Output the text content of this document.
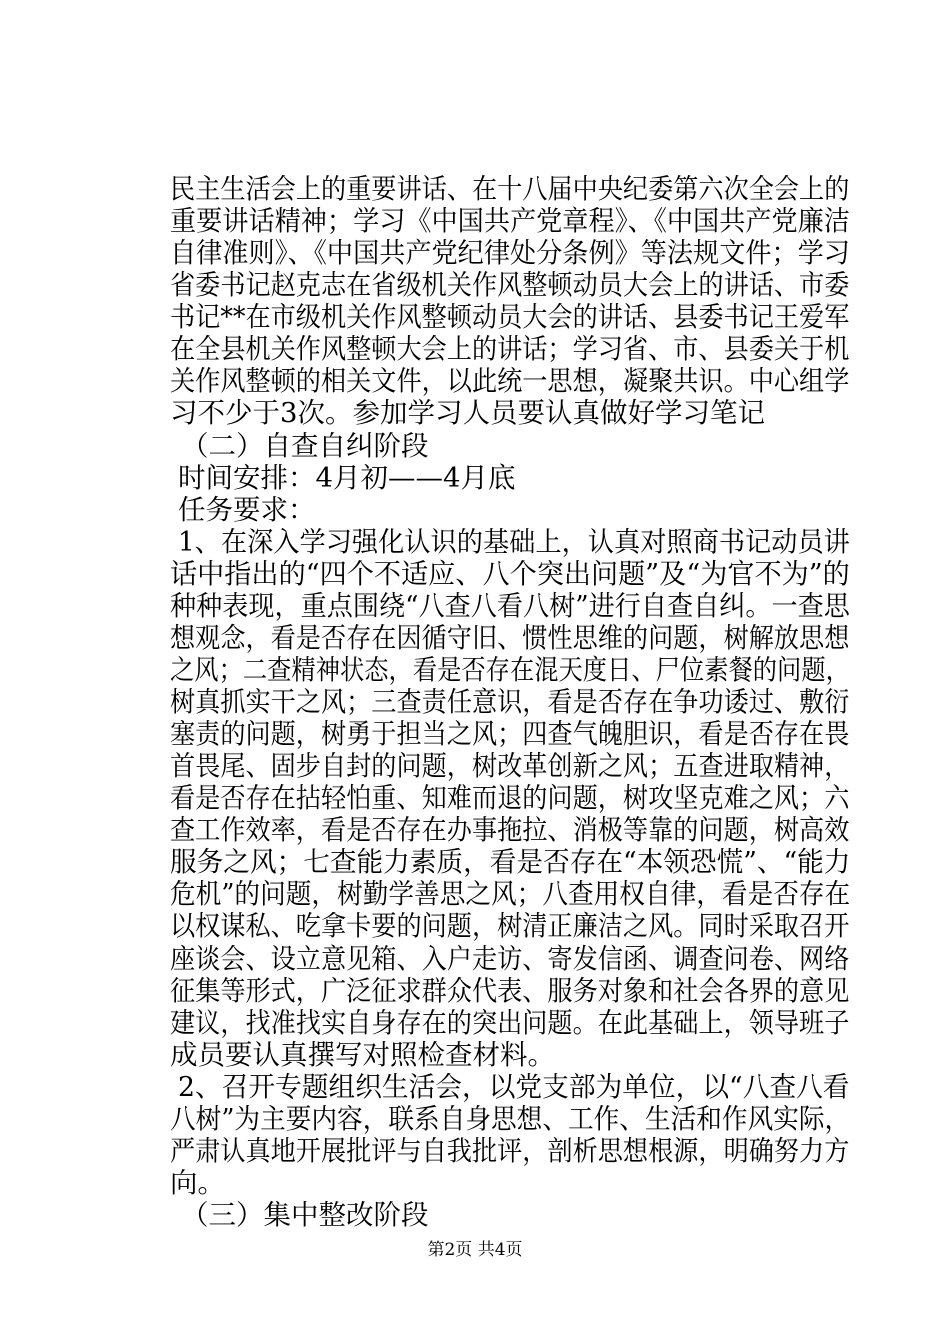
民主生活会上的重要讲话、在十八届中央纪委第六次全会上的
重要讲话精神；学习《中国共产党章程》、《中国共产党廉洁
自律准则》、《中国共产党纪律处分条例》等法规文件；学习
省委书记赵克志在省级机关作风整顿动员大会上的讲话、市委
书记**在市级机关作风整顿动员大会的讲话、县委书记王爱军
在全县机关作风整顿大会上的讲话；学习省、市、县委关于机
关作风整顿的相关文件，以此统一思想，凝聚共识。中心组学
习不少于3次。参加学习人员要认真做好学习笔记
（二）自查自纠阶段
时间安排：4月初——4月底
任务要求：
1、在深入学习强化认识的基础上，认真对照商书记动员讲
话中指出的“四个不适应、八个突出问题”及“为官不为”的
种种表现，重点围绕“八查八看八树”进行自查自纠。一查思
想观念，看是否存在因循守旧、惯性思维的问题，树解放思想
之风；二查精神状态，看是否存在混天度日、尸位素餐的问题，
树真抓实干之风；三查责任意识，看是否存在争功诿过、敷衍
塞责的问题，树勇于担当之风；四查气魄胆识，看是否存在畏
首畏尾、固步自封的问题，树改革创新之风；五查进取精神，
看是否存在拈轻怕重、知难而退的问题，树攻坚克难之风；六
查工作效率，看是否存在办事拖拉、消极等靠的问题，树高效
服务之风；七查能力素质，看是否存在“本领恐慌”、“能力
危机”的问题，树勤学善思之风；八查用权自律，看是否存在
以权谋私、吃拿卡要的问题，树清正廉洁之风。同时采取召开
座谈会、设立意见箱、入户走访、寄发信函、调查问卷、网络
征集等形式，广泛征求群众代表、服务对象和社会各界的意见
建议，找准找实自身存在的突出问题。在此基础上，领导班子
成员要认真撰写对照检查材料。
2、召开专题组织生活会，以党支部为单位，以“八查八看
八树”为主要内容，联系自身思想、工作、生活和作风实际，
严肃认真地开展批评与自我批评，剖析思想根源，明确努力方
向。
（三）集中整改阶段
第2页 共4页
